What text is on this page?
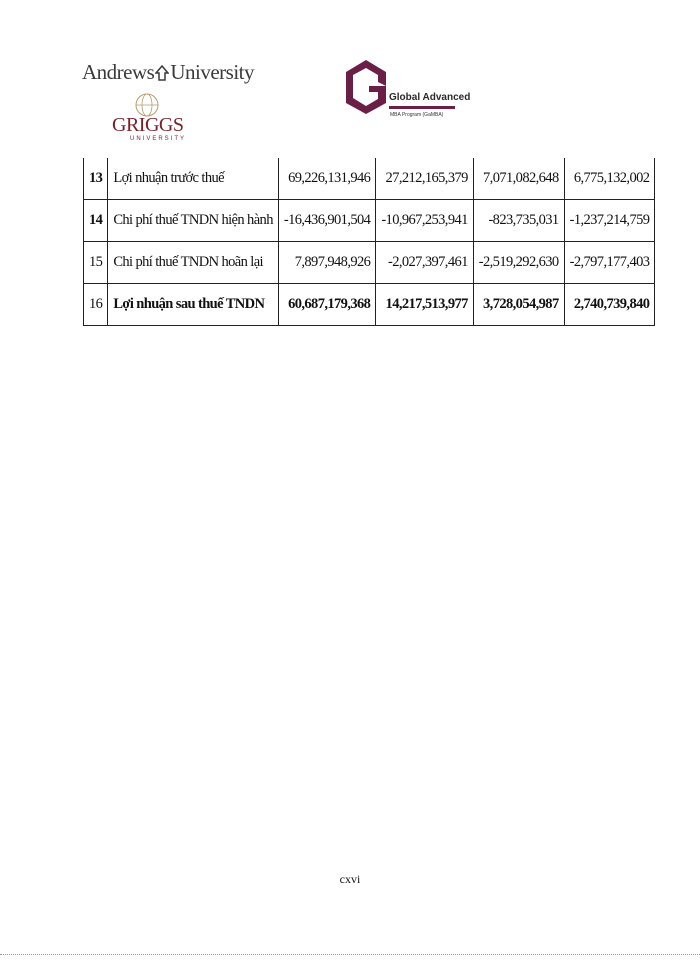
Andrews University
GRIGGS
UNIVERSITY
Global Advanced
MBA Program (GaMBA)
13	Lợi nhuận trước thuế	69,226,131,946	27,212,165,379	7,071,082,648	6,775,132,002
14	Chi phí thuế TNDN hiện hành	-16,436,901,504	-10,967,253,941	-823,735,031	-1,237,214,759
15	Chi phí thuế TNDN hoãn lại	7,897,948,926	-2,027,397,461	-2,519,292,630	-2,797,177,403
16	Lợi nhuận sau thuế TNDN	60,687,179,368	14,217,513,977	3,728,054,987	2,740,739,840
cxvi
